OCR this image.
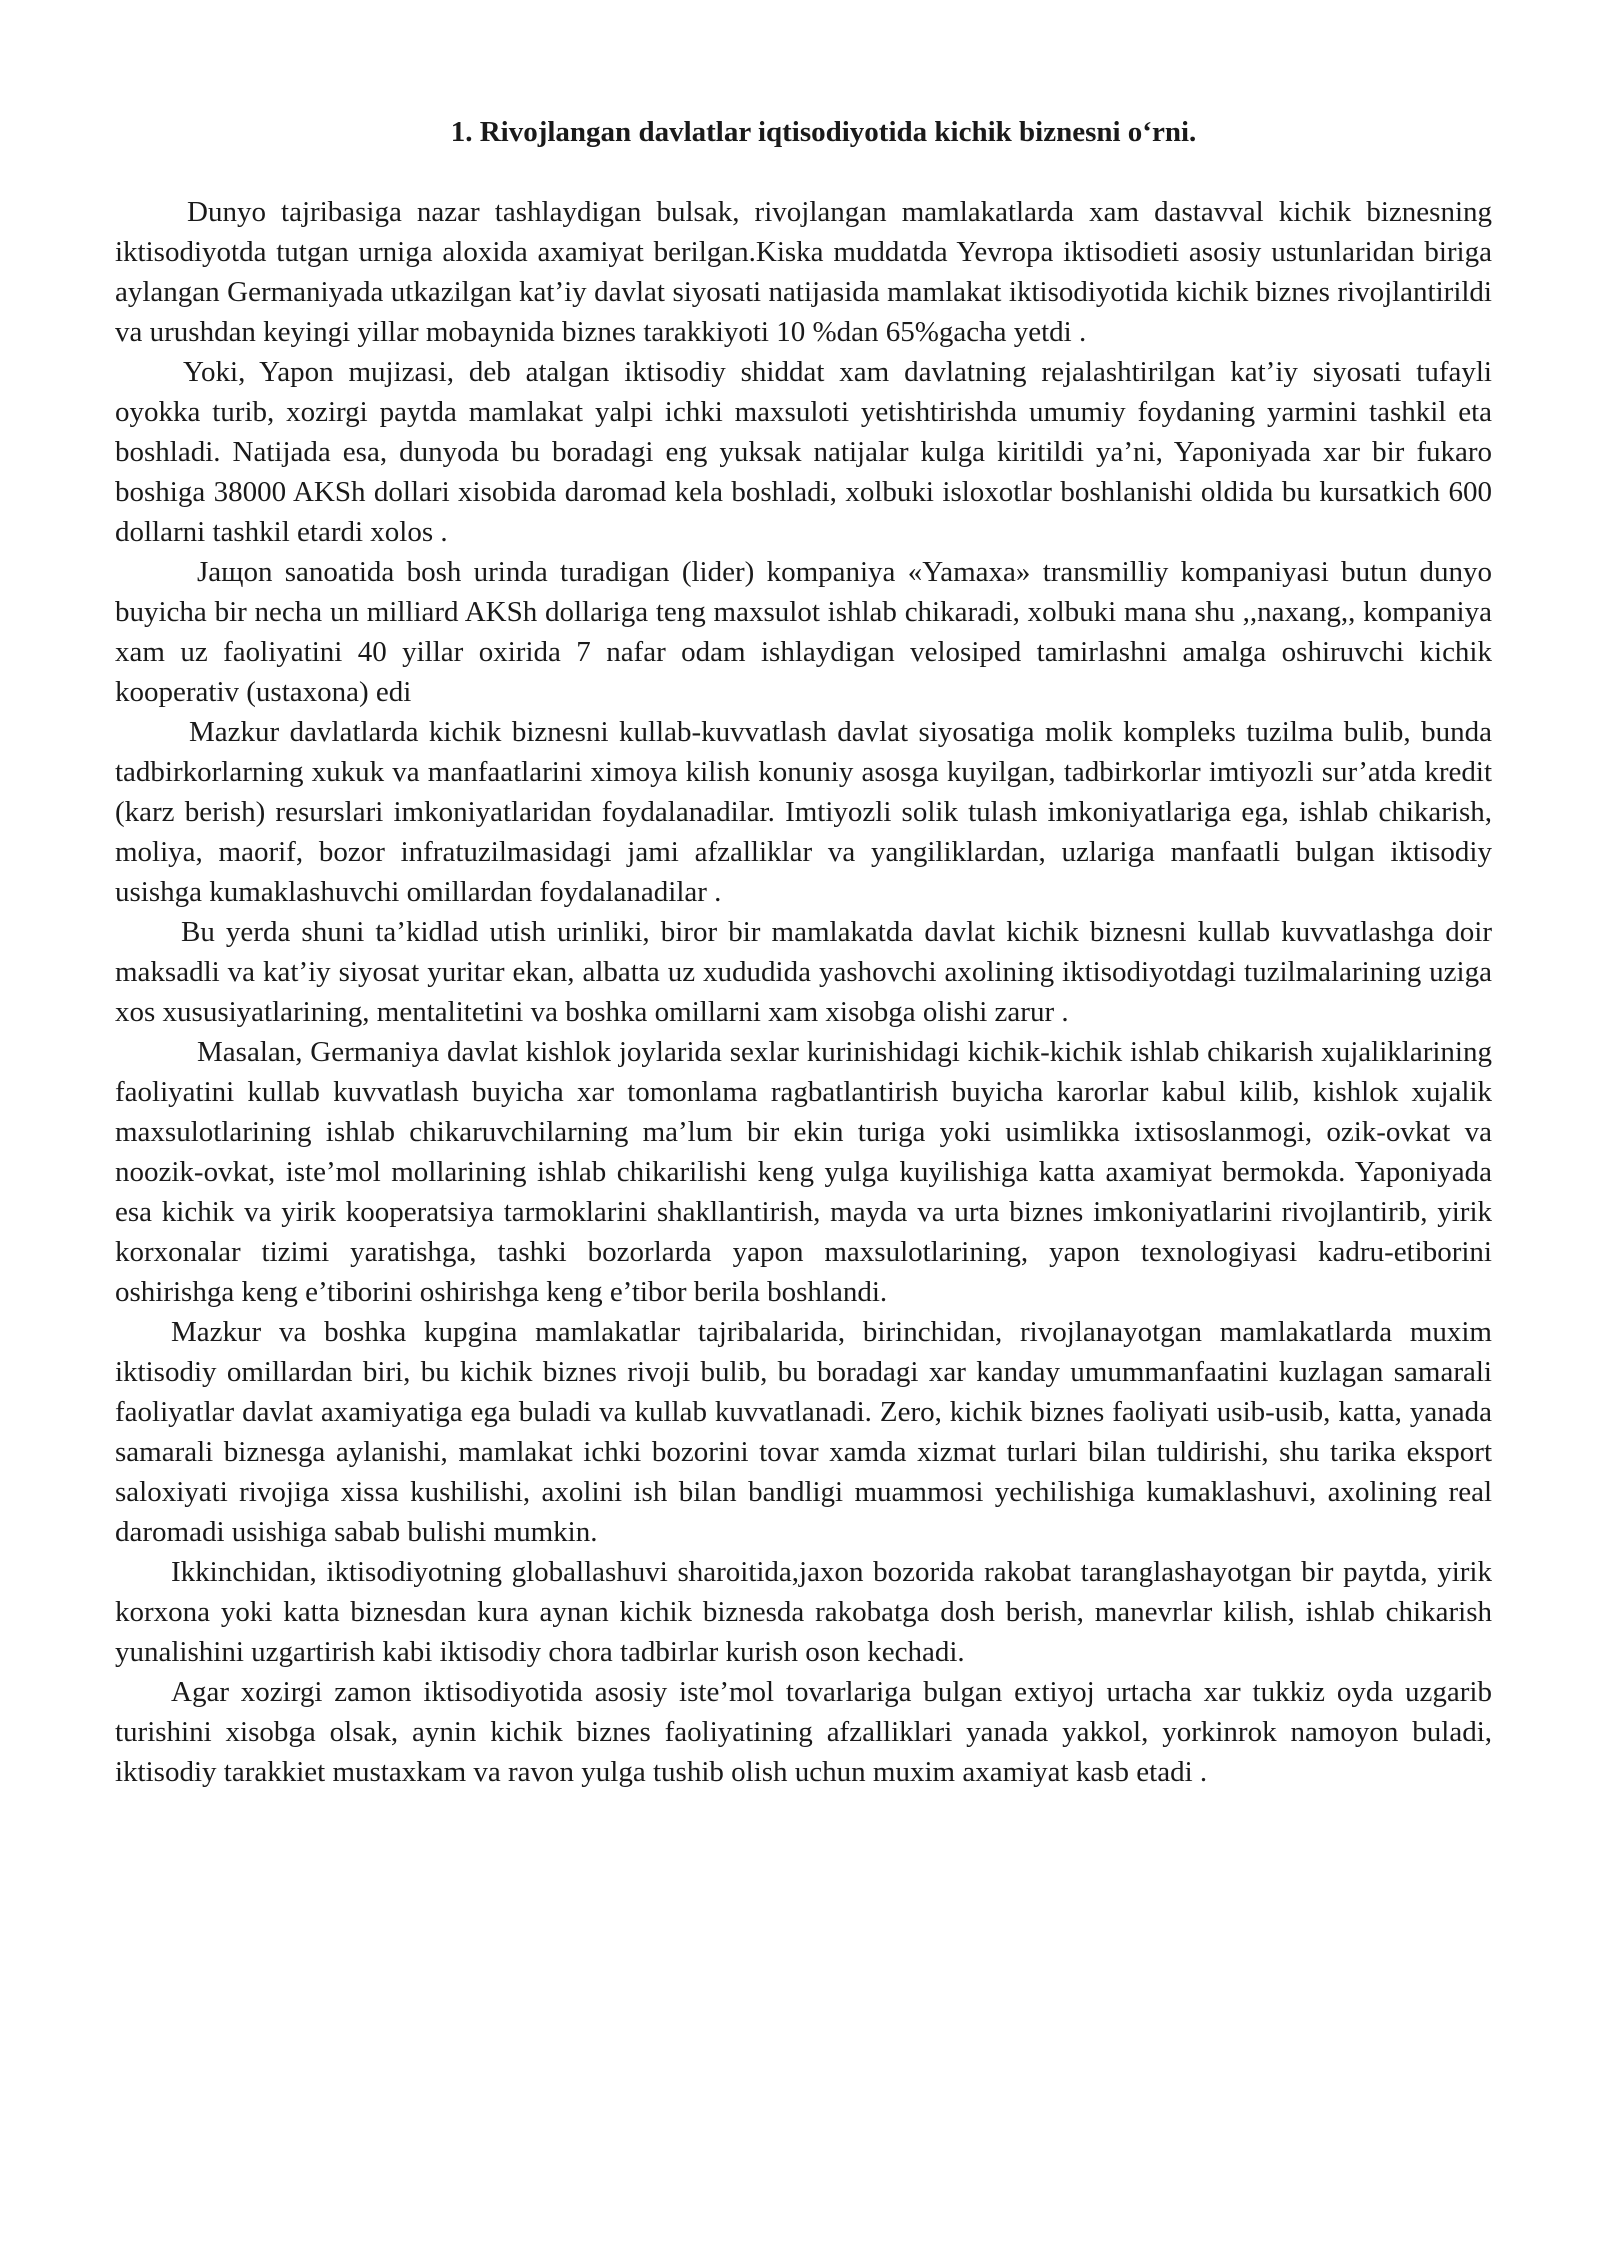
1. Rivojlangan davlatlar iqtisodiyotida kichik biznesni o‘rni.

Dunyo tajribasiga nazar tashlaydigan bulsak, rivojlangan mamlakatlarda xam dastavval kichik biznesning iktisodiyotda tutgan urniga aloxida axamiyat berilgan.Kiska muddatda Yevropa iktisodieti asosiy ustunlaridan biriga aylangan Germaniyada utkazilgan kat’iy davlat siyosati natijasida mamlakat iktisodiyotida kichik biznes rivojlantirildi va urushdan keyingi yillar mobaynida biznes tarakkiyoti 10 %dan 65%gacha yetdi .

Yoki, Yapon mujizasi, deb atalgan iktisodiy shiddat xam davlatning rejalashtirilgan kat’iy siyosati tufayli oyokka turib, xozirgi paytda mamlakat yalpi ichki maxsuloti yetishtirishda umumiy foydaning yarmini tashkil eta boshladi. Natijada esa, dunyoda bu boradagi eng yuksak natijalar kulga kiritildi ya’ni, Yaponiyada xar bir fukaro boshiga 38000 AKSh dollari xisobida daromad kela boshladi, xolbuki isloxotlar boshlanishi oldida bu kursatkich 600 dollarni tashkil etardi xolos .

Jaщon sanoatida bosh urinda turadigan (lider) kompaniya «Yamaxa» transmilliy kompaniyasi butun dunyo buyicha bir necha un milliard AKSh dollariga teng maxsulot ishlab chikaradi, xolbuki mana shu ,,naxang,, kompaniya xam uz faoliyatini 40 yillar oxirida 7 nafar odam ishlaydigan velosiped tamirlashni amalga oshiruvchi kichik kooperativ (ustaxona) edi

Mazkur davlatlarda kichik biznesni kullab-kuvvatlash davlat siyosatiga molik kompleks tuzilma bulib, bunda tadbirkorlarning xukuk va manfaatlarini ximoya kilish konuniy asosga kuyilgan, tadbirkorlar imtiyozli sur’atda kredit (karz berish) resurslari imkoniyatlaridan foydalanadilar. Imtiyozli solik tulash imkoniyatlariga ega, ishlab chikarish, moliya, maorif, bozor infratuzilmasidagi jami afzalliklar va yangiliklardan, uzlariga manfaatli bulgan iktisodiy usishga kumaklashuvchi omillardan foydalanadilar .

Bu yerda shuni ta’kidlad utish urinliki, biror bir mamlakatda davlat kichik biznesni kullab kuvvatlashga doir maksadli va kat’iy siyosat yuritar ekan, albatta uz xududida yashovchi axolining iktisodiyotdagi tuzilmalarining uziga xos xususiyatlarining, mentalitetini va boshka omillarni xam xisobga olishi zarur .

Masalan, Germaniya davlat kishlok joylarida sexlar kurinishidagi kichik-kichik ishlab chikarish xujaliklarining faoliyatini kullab kuvvatlash buyicha xar tomonlama ragbatlantirish buyicha karorlar kabul kilib, kishlok xujalik maxsulotlarining ishlab chikaruvchilarning ma’lum bir ekin turiga yoki usimlikka ixtisoslanmogi, ozik-ovkat va noozik-ovkat, iste’mol mollarining ishlab chikarilishi keng yulga kuyilishiga katta axamiyat bermokda. Yaponiyada esa kichik va yirik kooperatsiya tarmoklarini shakllantirish, mayda va urta biznes imkoniyatlarini rivojlantirib, yirik korxonalar tizimi yaratishga, tashki bozorlarda yapon maxsulotlarining, yapon texnologiyasi kadru-etiborini oshirishga keng e’tiborini oshirishga keng e’tibor berila boshlandi.

Mazkur va boshka kupgina mamlakatlar tajribalarida, birinchidan, rivojlanayotgan mamlakatlarda muxim iktisodiy omillardan biri, bu kichik biznes rivoji bulib, bu boradagi xar kanday umummanfaatini kuzlagan samarali faoliyatlar davlat axamiyatiga ega buladi va kullab kuvvatlanadi. Zero, kichik biznes faoliyati usib-usib, katta, yanada samarali biznesga aylanishi, mamlakat ichki bozorini tovar xamda xizmat turlari bilan tuldirishi, shu tarika eksport saloxiyati rivojiga xissa kushilishi, axolini ish bilan bandligi muammosi yechilishiga kumaklashuvi, axolining real daromadi usishiga sabab bulishi mumkin.

Ikkinchidan, iktisodiyotning globallashuvi sharoitida,jaxon bozorida rakobat taranglashayotgan bir paytda, yirik korxona yoki katta biznesdan kura aynan kichik biznesda rakobatga dosh berish, manevrlar kilish, ishlab chikarish yunalishini uzgartirish kabi iktisodiy chora tadbirlar kurish oson kechadi.

Agar xozirgi zamon iktisodiyotida asosiy iste’mol tovarlariga bulgan extiyoj urtacha xar tukkiz oyda uzgarib turishini xisobga olsak, aynin kichik biznes faoliyatining afzalliklari yanada yakkol, yorkinrok namoyon buladi, iktisodiy tarakkiet mustaxkam va ravon yulga tushib olish uchun muxim axamiyat kasb etadi .
